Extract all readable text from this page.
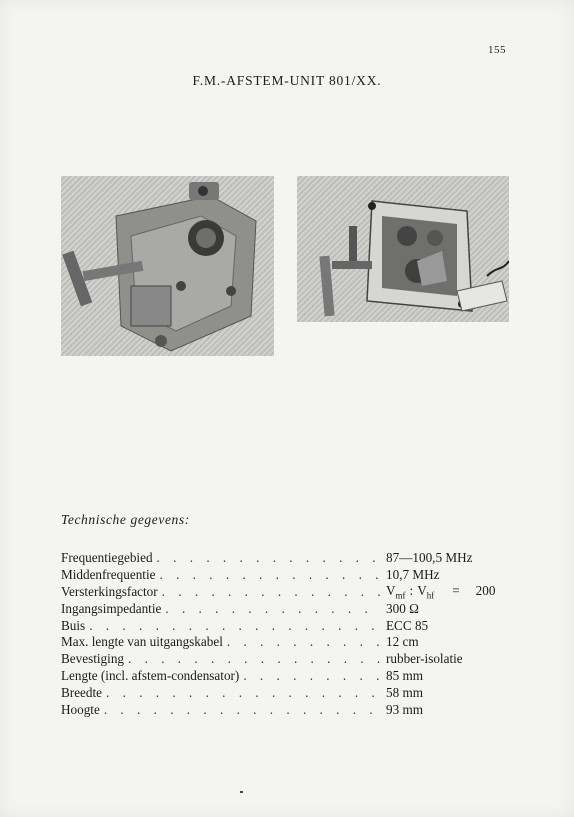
155
F.M.-AFSTEM-UNIT 801/XX.
Technische gegevens:
Frequentiegebied . . .	87—100,5 MHz
Middenfrequentie . . .	10,7 MHz
Versterkingsfactor . . .	$V_{mf}$ : $V_{hf} = 200$
Ingangsimpedantie . . .	300 Ω
Buis . . .	ECC 85
Max. lengte van uitgangskabel . . .	12 cm
Bevestiging . . .	rubber-isolatie
Lengte (incl. afstem-condensator) . . .	85 mm
Breedte . . .	58 mm
Hoogte . . .	93 mm
